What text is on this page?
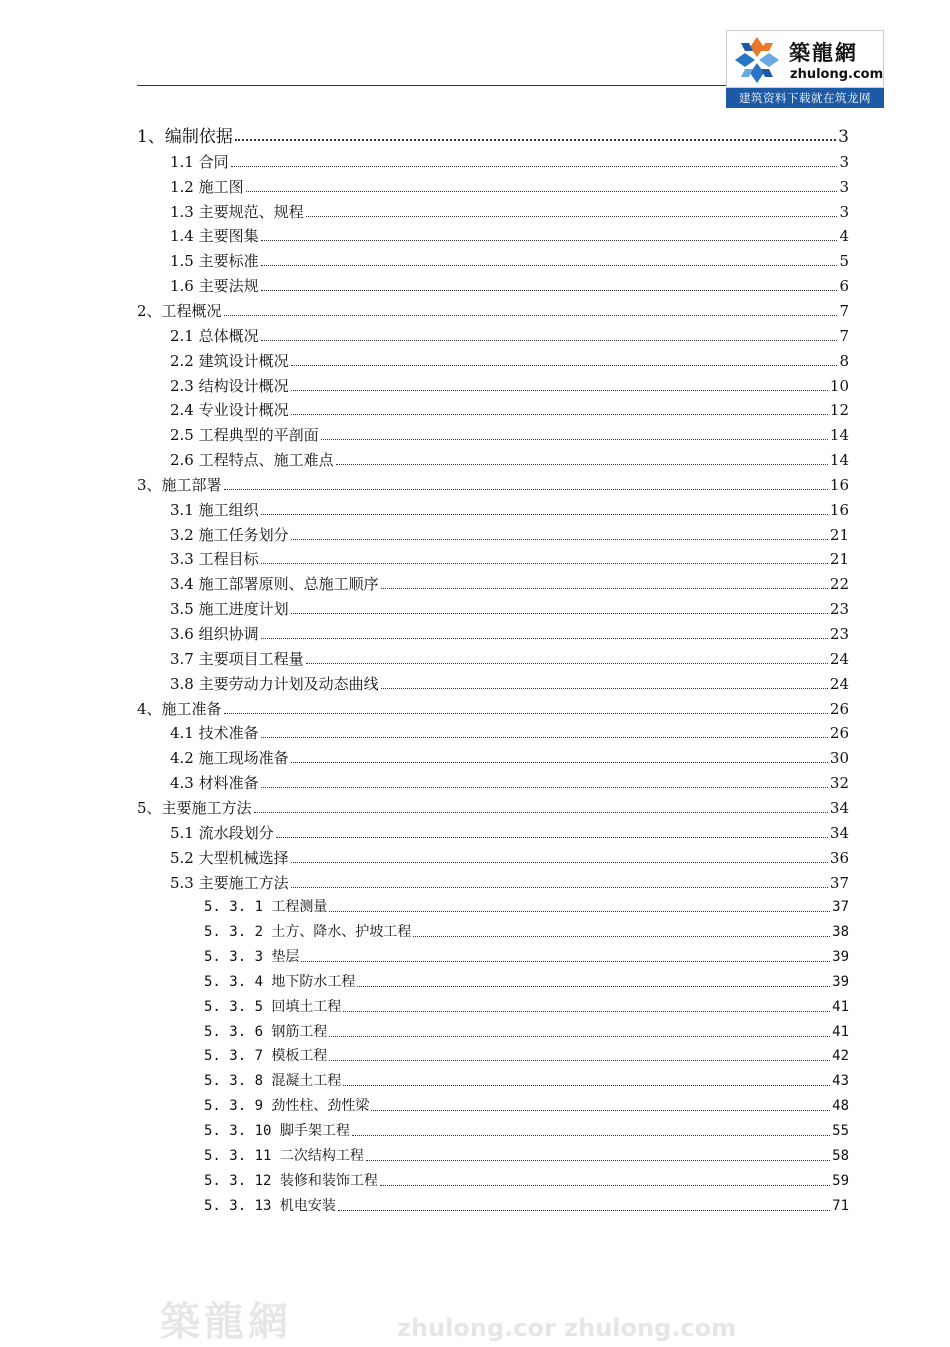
築龍網
zhulong.com
建筑资料下载就在筑龙网
1、编制依据	3
1.1 合同	3
1.2 施工图	3
1.3 主要规范、规程	3
1.4 主要图集	4
1.5 主要标准	5
1.6 主要法规	6
2、工程概况	7
2.1 总体概况	7
2.2 建筑设计概况	8
2.3 结构设计概况	10
2.4 专业设计概况	12
2.5 工程典型的平剖面	14
2.6 工程特点、施工难点	14
3、施工部署	16
3.1 施工组织	16
3.2 施工任务划分	21
3.3 工程目标	21
3.4 施工部署原则、总施工顺序	22
3.5 施工进度计划	23
3.6 组织协调	23
3.7 主要项目工程量	24
3.8 主要劳动力计划及动态曲线	24
4、施工准备	26
4.1 技术准备	26
4.2 施工现场准备	30
4.3 材料准备	32
5、主要施工方法	34
5.1 流水段划分	34
5.2 大型机械选择	36
5.3 主要施工方法	37
5. 3. 1 工程测量	37
5. 3. 2 土方、降水、护坡工程	38
5. 3. 3 垫层	39
5. 3. 4 地下防水工程	39
5. 3. 5 回填土工程	41
5. 3. 6 钢筋工程	41
5. 3. 7 模板工程	42
5. 3. 8 混凝土工程	43
5. 3. 9 劲性柱、劲性梁	48
5. 3. 10 脚手架工程	55
5. 3. 11 二次结构工程	58
5. 3. 12 装修和装饰工程	59
5. 3. 13 机电安装	71
築龍網	zhulong.cor zhulong.com
